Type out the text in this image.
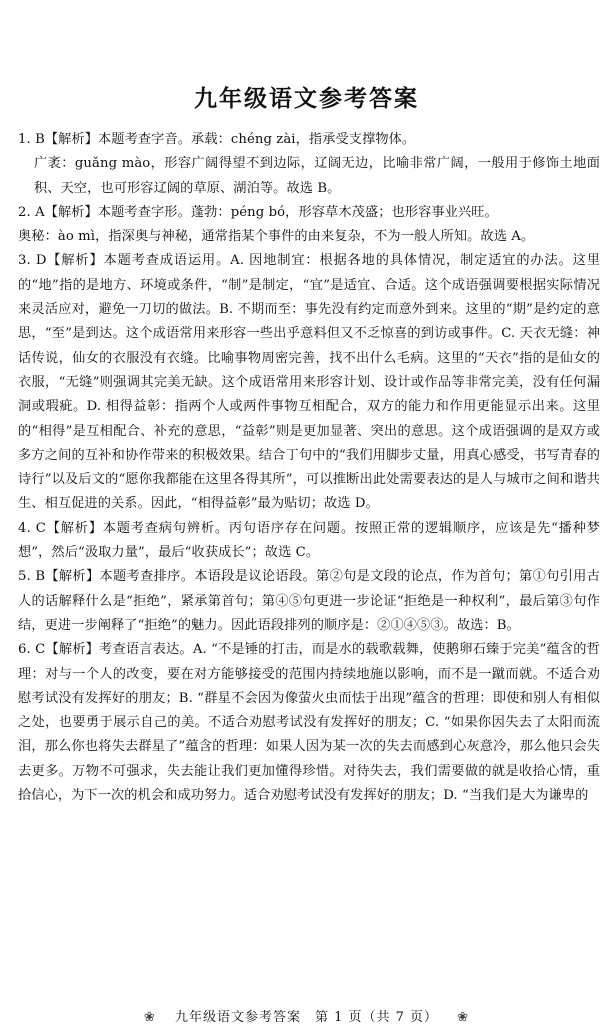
九年级语文参考答案

1. B【解析】本题考查字音。承载：chéng zài，指承受支撑物体。

广袤：guǎng mào，形容广阔得望不到边际，辽阔无边，比喻非常广阔，一般用于修饰土地面积、天空，也可形容辽阔的草原、湖泊等。故选 B。

2. A【解析】本题考查字形。蓬勃：péng bó，形容草木茂盛；也形容事业兴旺。

奥秘：ào mì，指深奥与神秘，通常指某个事件的由来复杂，不为一般人所知。故选 A。

3. D【解析】本题考查成语运用。A. 因地制宜：根据各地的具体情况，制定适宜的办法。这里的“地”指的是地方、环境或条件，“制”是制定，“宜”是适宜、合适。这个成语强调要根据实际情况来灵活应对，避免一刀切的做法。B. 不期而至：事先没有约定而意外到来。这里的“期”是约定的意思，“至”是到达。这个成语常用来形容一些出乎意料但又不乏惊喜的到访或事件。C. 天衣无缝：神话传说，仙女的衣服没有衣缝。比喻事物周密完善，找不出什么毛病。这里的“天衣”指的是仙女的衣服，“无缝”则强调其完美无缺。这个成语常用来形容计划、设计或作品等非常完美，没有任何漏洞或瑕疵。D. 相得益彰：指两个人或两件事物互相配合，双方的能力和作用更能显示出来。这里的“相得”是互相配合、补充的意思，“益彰”则是更加显著、突出的意思。这个成语强调的是双方或多方之间的互补和协作带来的积极效果。结合丁句中的“我们用脚步丈量，用真心感受，书写青春的诗行”以及后文的“愿你我都能在这里各得其所”，可以推断出此处需要表达的是人与城市之间和谐共生、相互促进的关系。因此，“相得益彰”最为贴切；故选 D。

4. C【解析】本题考查病句辨析。丙句语序存在问题。按照正常的逻辑顺序，应该是先“播种梦想”，然后“汲取力量”，最后“收获成长”；故选 C。

5. B【解析】本题考查排序。本语段是议论语段。第②句是文段的论点，作为首句；第①句引用古人的话解释什么是“拒绝”，紧承第首句；第④⑤句更进一步论证“拒绝是一种权利”，最后第③句作结，更进一步阐释了“拒绝”的魅力。因此语段排列的顺序是：②①④⑤③。故选：B。

6. C【解析】考查语言表达。A. “不是锤的打击，而是水的载歌载舞，使鹅卵石臻于完美”蕴含的哲理：对与一个人的改变，要在对方能够接受的范围内持续地施以影响，而不是一蹴而就。不适合劝慰考试没有发挥好的朋友；B. “群星不会因为像萤火虫而怯于出现”蕴含的哲理：即使和别人有相似之处，也要勇于展示自己的美。不适合劝慰考试没有发挥好的朋友；C. “如果你因失去了太阳而流泪，那么你也将失去群星了”蕴含的哲理：如果人因为某一次的失去而感到心灰意冷，那么他只会失去更多。万物不可强求，失去能让我们更加懂得珍惜。对待失去，我们需要做的就是收拾心情，重拾信心，为下一次的机会和成功努力。适合劝慰考试没有发挥好的朋友；D. “当我们是大为谦卑的

❀ 九年级语文参考答案　第 1 页（共 7 页） ❀
